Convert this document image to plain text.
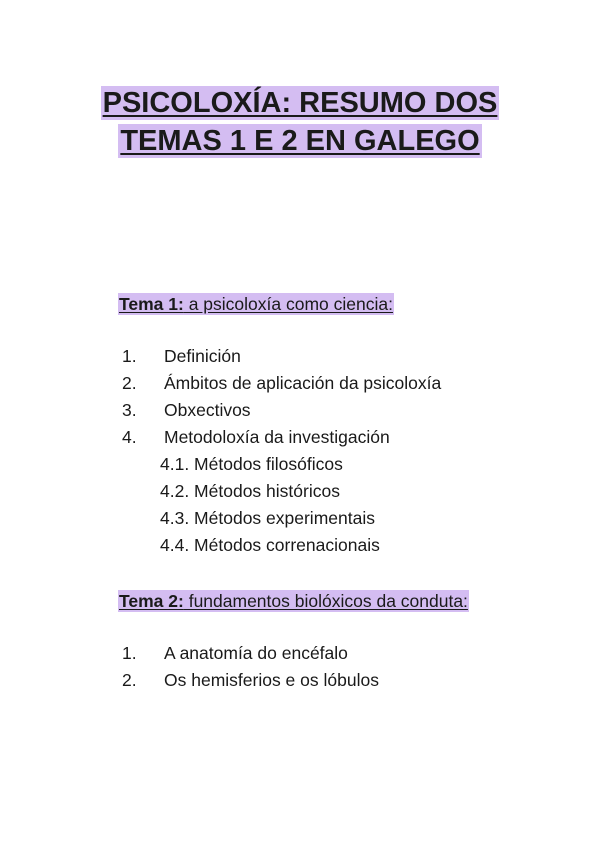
PSICOLOXÍA: RESUMO DOS
TEMAS 1 E 2 EN GALEGO
Tema 1: a psicoloxía como ciencia:
1. Definición
2. Ámbitos de aplicación da psicoloxía
3. Obxectivos
4. Metodoloxía da investigación
4.1. Métodos filosóficos
4.2. Métodos históricos
4.3. Métodos experimentais
4.4. Métodos correnacionais
Tema 2: fundamentos biolóxicos da conduta:
1. A anatomía do encéfalo
2. Os hemisferios e os lóbulos
